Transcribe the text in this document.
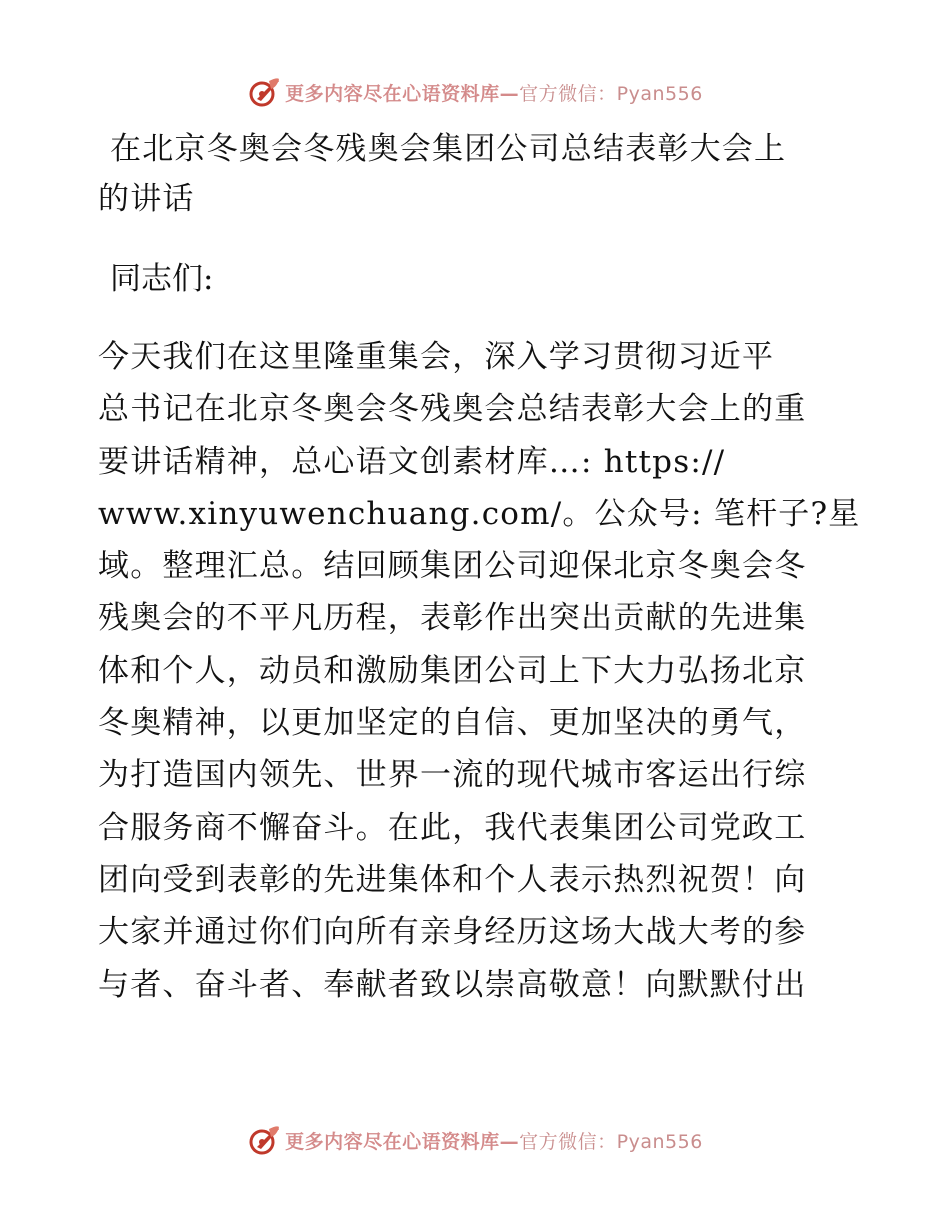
更多内容尽在心语资料库—官方微信：Pyan556
在北京冬奥会冬残奥会集团公司总结表彰大会上
的讲话
同志们:
今天我们在这里隆重集会，深入学习贯彻习近平
总书记在北京冬奥会冬残奥会总结表彰大会上的重
要讲话精神，总心语文创素材库…: https://
www.xinyuwenchuang.com/。公众号: 笔杆子?星
域。整理汇总。结回顾集团公司迎保北京冬奥会冬
残奥会的不平凡历程，表彰作出突出贡献的先进集
体和个人，动员和激励集团公司上下大力弘扬北京
冬奥精神，以更加坚定的自信、更加坚决的勇气，
为打造国内领先、世界一流的现代城市客运出行综
合服务商不懈奋斗。在此，我代表集团公司党政工
团向受到表彰的先进集体和个人表示热烈祝贺！向
大家并通过你们向所有亲身经历这场大战大考的参
与者、奋斗者、奉献者致以崇高敬意！向默默付出
更多内容尽在心语资料库—官方微信：Pyan556
